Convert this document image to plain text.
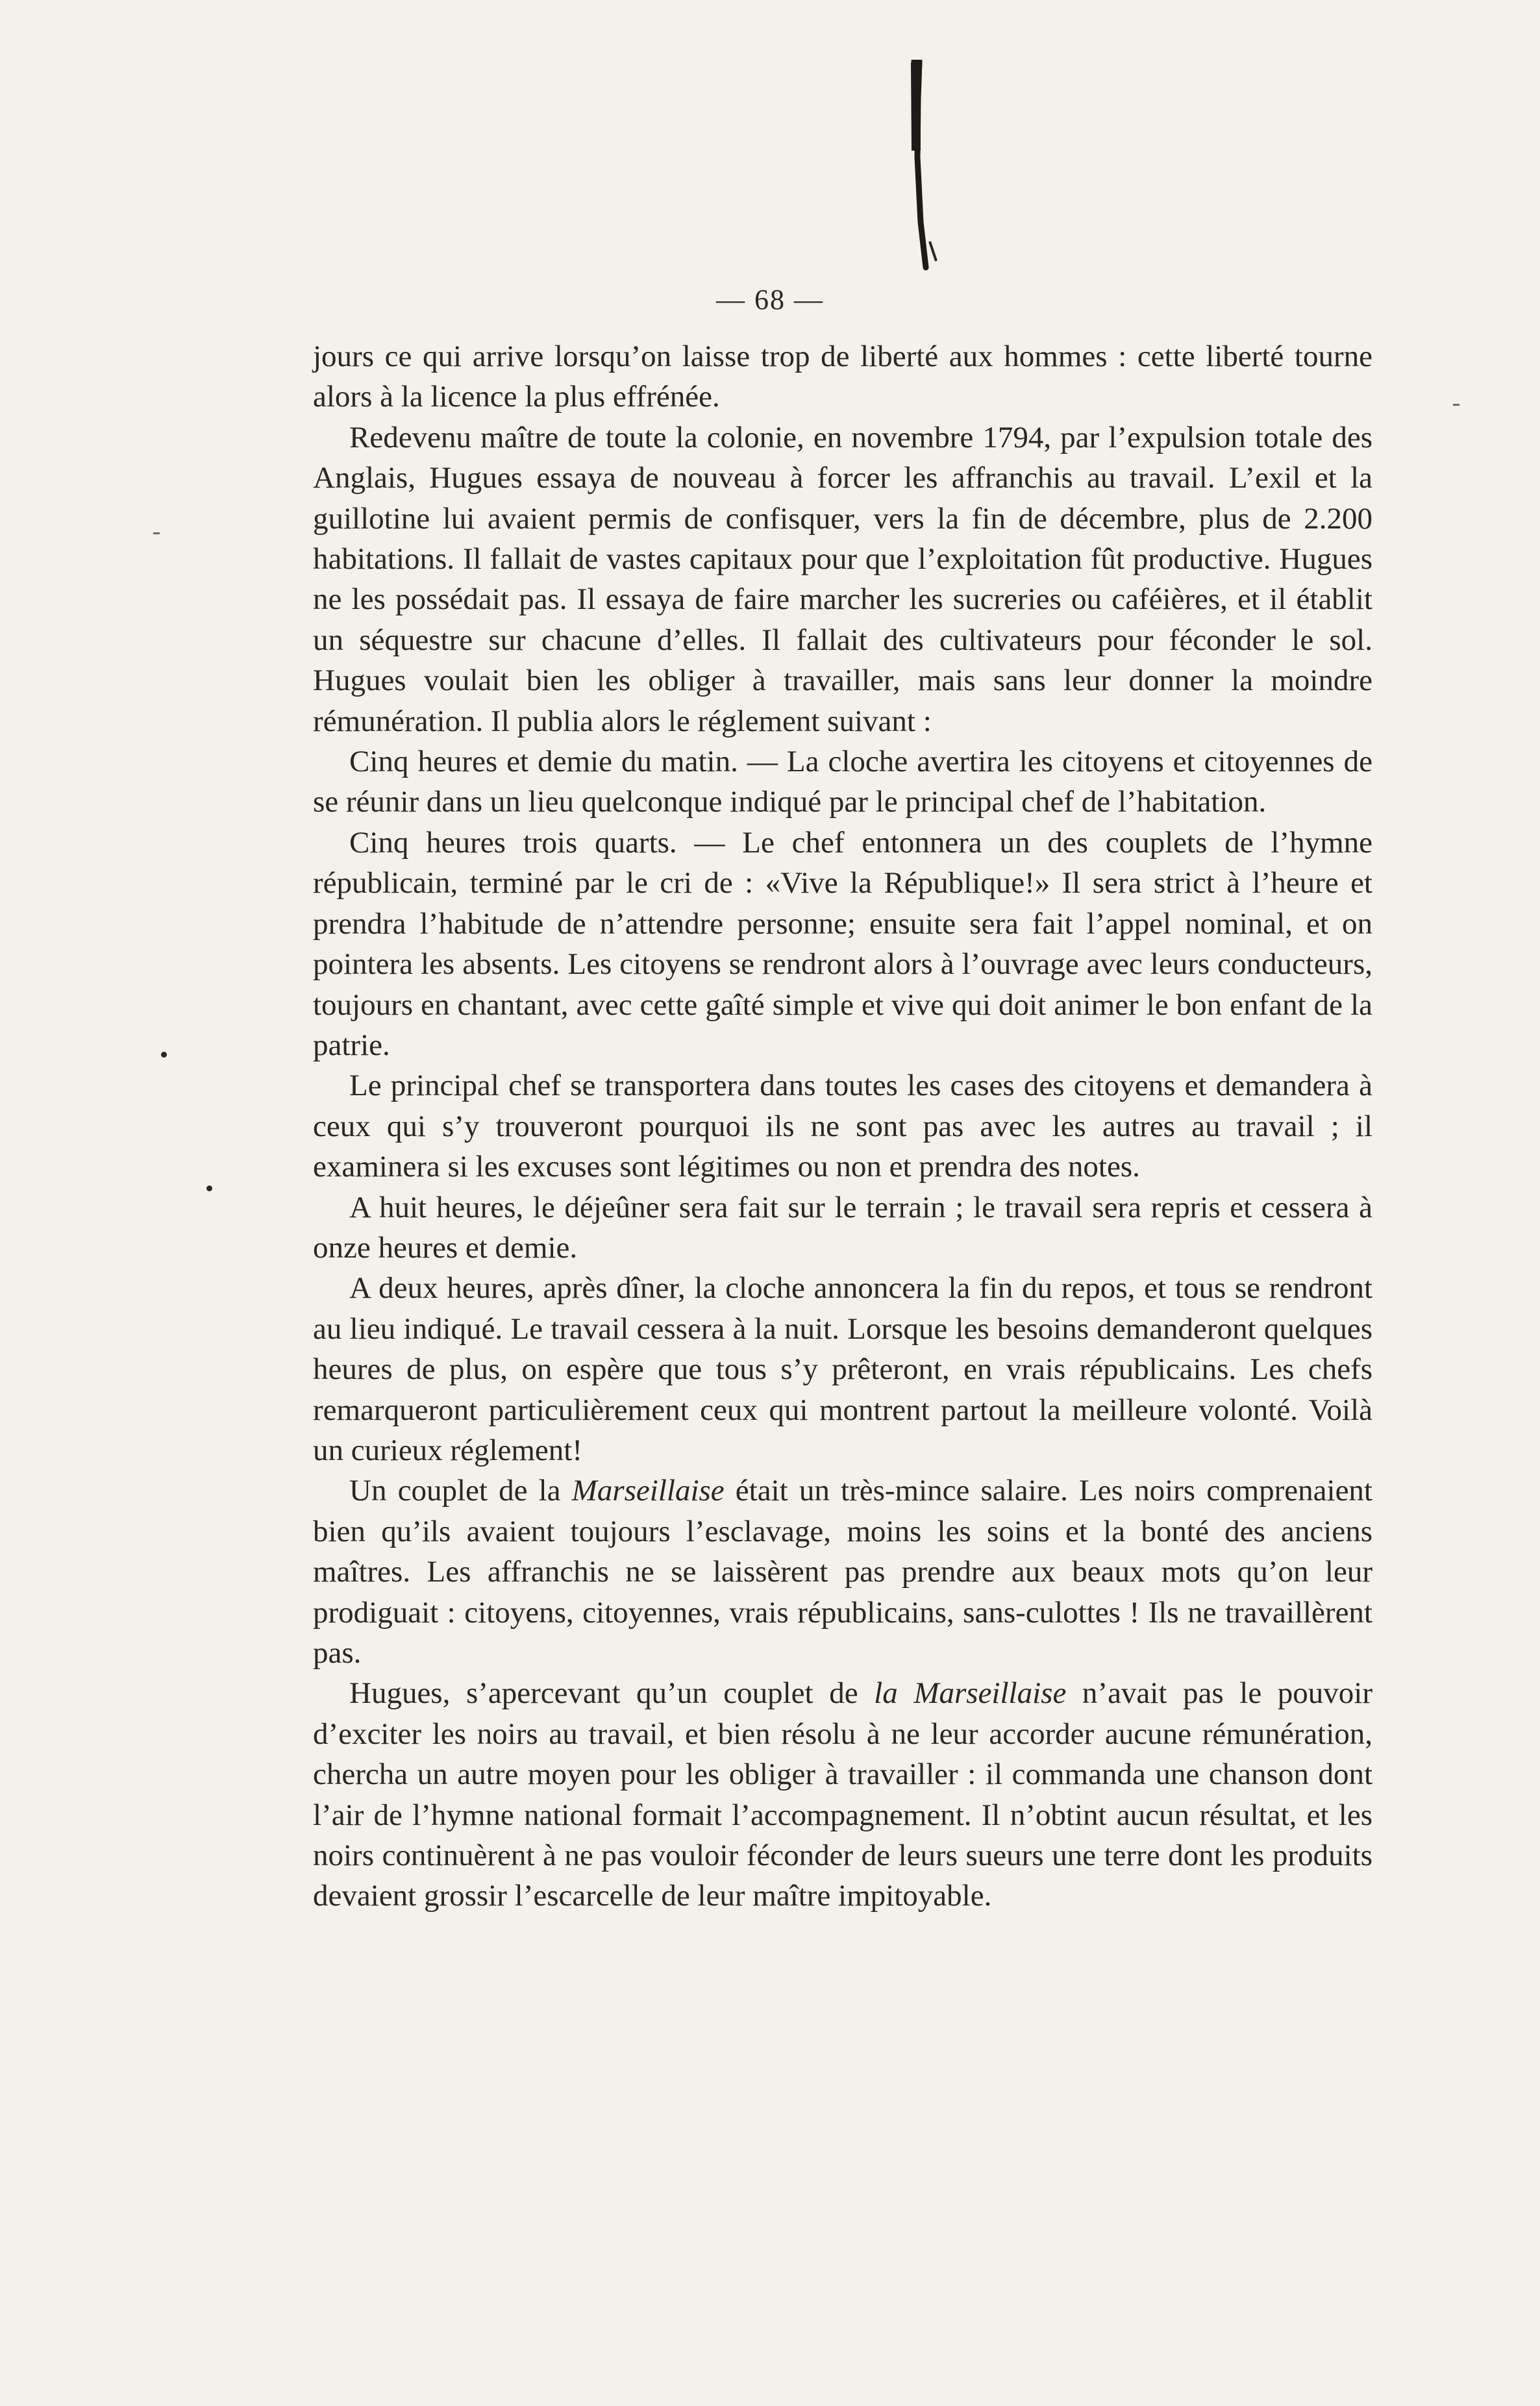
— 68 —

jours ce qui arrive lorsqu’on laisse trop de liberté aux hommes : cette liberté tourne alors à la licence la plus effrénée.

Redevenu maître de toute la colonie, en novembre 1794, par l’expulsion totale des Anglais, Hugues essaya de nouveau à forcer les affranchis au travail. L’exil et la guillotine lui avaient permis de confisquer, vers la fin de décembre, plus de 2.200 habitations. Il fallait de vastes capitaux pour que l’exploitation fût productive. Hugues ne les possédait pas. Il essaya de faire marcher les sucreries ou caféières, et il établit un séquestre sur chacune d’elles. Il fallait des cultivateurs pour féconder le sol. Hugues voulait bien les obliger à travailler, mais sans leur donner la moindre rémunération. Il publia alors le réglement suivant :

Cinq heures et demie du matin. — La cloche avertira les citoyens et citoyennes de se réunir dans un lieu quelconque indiqué par le principal chef de l’habitation.

Cinq heures trois quarts. — Le chef entonnera un des couplets de l’hymne républicain, terminé par le cri de : «Vive la République!» Il sera strict à l’heure et prendra l’habitude de n’attendre personne; ensuite sera fait l’appel nominal, et on pointera les absents. Les citoyens se rendront alors à l’ouvrage avec leurs conducteurs, toujours en chantant, avec cette gaîté simple et vive qui doit animer le bon enfant de la patrie.

Le principal chef se transportera dans toutes les cases des citoyens et demandera à ceux qui s’y trouveront pourquoi ils ne sont pas avec les autres au travail ; il examinera si les excuses sont légitimes ou non et prendra des notes.

A huit heures, le déjeûner sera fait sur le terrain ; le travail sera repris et cessera à onze heures et demie.

A deux heures, après dîner, la cloche annoncera la fin du repos, et tous se rendront au lieu indiqué. Le travail cessera à la nuit. Lorsque les besoins demanderont quelques heures de plus, on espère que tous s’y prêteront, en vrais républicains. Les chefs remarqueront particulièrement ceux qui montrent partout la meilleure volonté. Voilà un curieux réglement!

Un couplet de la Marseillaise était un très-mince salaire. Les noirs comprenaient bien qu’ils avaient toujours l’esclavage, moins les soins et la bonté des anciens maîtres. Les affranchis ne se laissèrent pas prendre aux beaux mots qu’on leur prodiguait : citoyens, citoyennes, vrais républicains, sans-culottes ! Ils ne travaillèrent pas.

Hugues, s’apercevant qu’un couplet de la Marseillaise n’avait pas le pouvoir d’exciter les noirs au travail, et bien résolu à ne leur accorder aucune rémunération, chercha un autre moyen pour les obliger à travailler : il commanda une chanson dont l’air de l’hymne national formait l’accompagnement. Il n’obtint aucun résultat, et les noirs continuèrent à ne pas vouloir féconder de leurs sueurs une terre dont les produits devaient grossir l’escarcelle de leur maître impitoyable.
